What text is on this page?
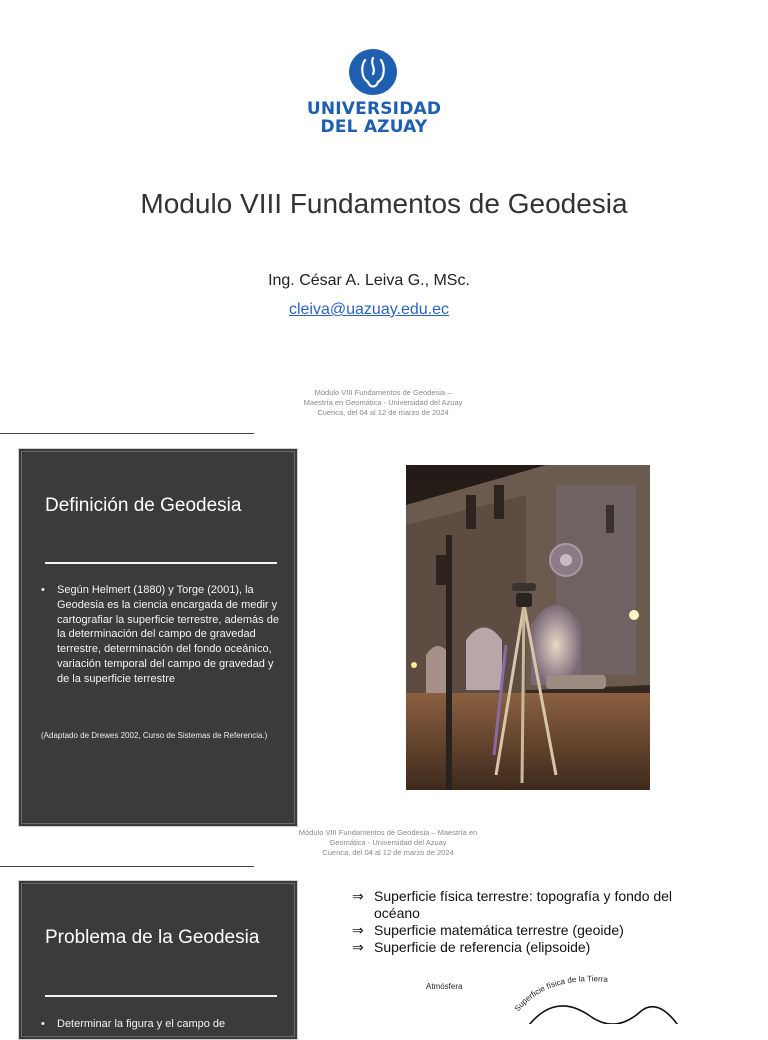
UNIVERSIDAD
DEL AZUAY
Modulo VIII Fundamentos de Geodesia
Ing. César A. Leiva G., MSc.
cleiva@uazuay.edu.ec
Módulo VIII Fundamentos de Geodesia –
Maestría en Geomática - Universidad del Azuay
Cuenca, del 04 al 12 de marzo de 2024
Definición de Geodesia
•	Según Helmert (1880) y Torge (2001), la Geodesia es la ciencia encargada de medir y cartografiar la superficie terrestre, además de la determinación del campo de gravedad terrestre, determinación del fondo oceánico, variación temporal del campo de gravedad y de la superficie terrestre
(Adaptado de Drewes 2002, Curso de Sistemas de Referencia.)
Módulo VIII Fundamentos de Geodesia – Maestría en
Geomática - Universidad del Azuay
Cuenca, del 04 al 12 de marzo de 2024
Problema de la Geodesia
•	Determinar la figura y el campo de
⇒ Superficie física terrestre: topografía y fondo del océano
⇒ Superficie matemática terrestre (geoide)
⇒ Superficie de referencia (elipsoide)
Atmósfera
Superficie física de la Tierra
